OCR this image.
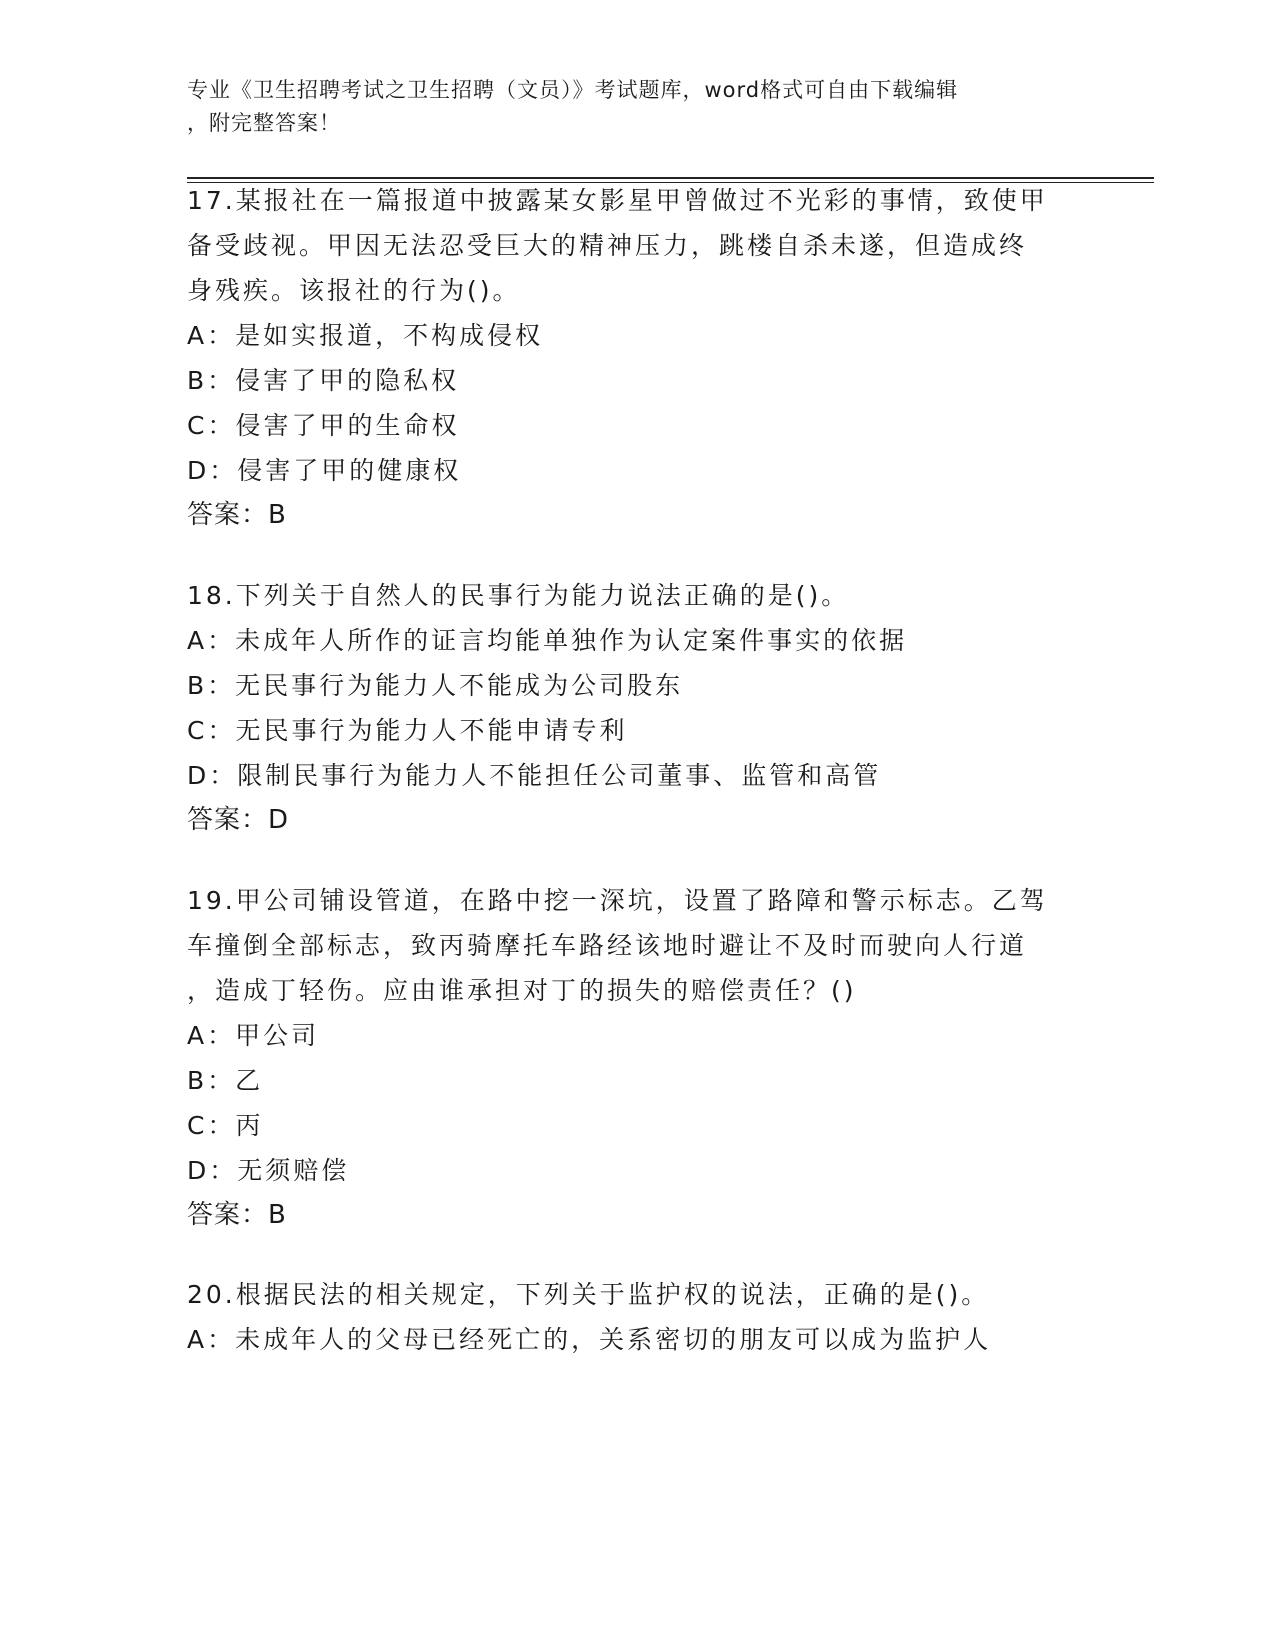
专业《卫生招聘考试之卫生招聘（文员）》考试题库，word格式可自由下载编辑
，附完整答案！
17.某报社在一篇报道中披露某女影星甲曾做过不光彩的事情，致使甲
备受歧视。甲因无法忍受巨大的精神压力，跳楼自杀未遂，但造成终
身残疾。该报社的行为()。
A：是如实报道，不构成侵权
B：侵害了甲的隐私权
C：侵害了甲的生命权
D：侵害了甲的健康权
答案：B
18.下列关于自然人的民事行为能力说法正确的是()。
A：未成年人所作的证言均能单独作为认定案件事实的依据
B：无民事行为能力人不能成为公司股东
C：无民事行为能力人不能申请专利
D：限制民事行为能力人不能担任公司董事、监管和高管
答案：D
19.甲公司铺设管道，在路中挖一深坑，设置了路障和警示标志。乙驾
车撞倒全部标志，致丙骑摩托车路经该地时避让不及时而驶向人行道
，造成丁轻伤。应由谁承担对丁的损失的赔偿责任？()
A：甲公司
B：乙
C：丙
D：无须赔偿
答案：B
20.根据民法的相关规定，下列关于监护权的说法，正确的是()。
A：未成年人的父母已经死亡的，关系密切的朋友可以成为监护人
